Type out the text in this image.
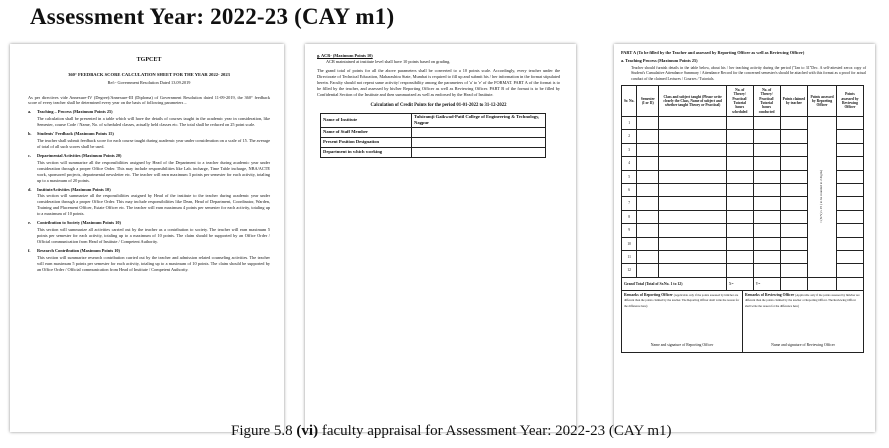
Assessment Year: 2022-23 (CAY m1)
TGPCET
360° FEEDBACK SCORE CALCULATION SHEET FOR THE YEAR 2022- 2023
Ref:- Government Resolution Dated 13.09.2019

As per directives vide Annexure-IV (Degree)/Annexure-III (Diploma) of Government Resolution dated 11-09-2019, the 360° feedback score of every teacher shall be determined every year on the basis of following parameters –

a. Teaching – Process (Maximum Points 25)

The calculation shall be presented in a table which will have the details of courses taught in the academic year in consideration, like Semester, course Code / Name, No. of scheduled classes, actually held classes etc. The total shall be reduced on 25 point scale.

b. Students' Feedback (Maximum Points 15)

The teacher shall submit feedback score for each course taught during academic year under consideration on a scale of 15. The average of total of all such scores shall be used.

c. Departmental Activities (Maximum Points 20)

This section will summarize all the responsibilities assigned by Head of the Department to a teacher during academic year under consideration through a proper Office Order. This may include responsibilities like Lab. incharge, Time Table incharge, NBA/ACTE work, sponsored projects, departmental newsletter etc. The teacher will earn maximum 3 points per semester for each activity, totaling up to a maximum of 20 points.

d. InstituteActivities (Maximum Points 10)

This section will summarize all the responsibilities assigned by Head of the institute to the teacher during academic year under consideration through a proper Office Order. This may include responsibilities like Dean, Head of Department, Coordinator, Warden, Training and Placement Officer, Estate Officer etc. The teacher will earn maximum 4 points per semester for each activity, totaling up to a maximum of 10 points.

e. Contribution to Society (Maximum Points 10)

This section will summarize all activities carried out by the teacher as a contribution to society. The teacher will earn maximum 5 points per semester for each activity, totaling up to a maximum of 10 points. The claim should be supported by an Office Order / Official communication from Head of Institute / Competent Authority.

f. Research Contribution (Maximum Points 10)

This section will summarize research contribution carried out by the teacher and admission related counseling activities. The teacher will earn maximum 5 points per semester for each activity, totaling up to a maximum of 10 points. The claim should be supported by an Office Order / Official communication from Head of Institute / Competent Authority.

g. ACR- (Maximum Points 10)
ACR maintained at institute level shall have 10 points based on grading.

The grand total of points for all the above parameters shall be converted to a 10 points scale. Accordingly, every teacher under the Directorate of Technical Education, Maharashtra State, Mumbai is required to fill up and submit his / her information in the format stipulated herein. Faculty should not repeat same activity/ responsibility among the parameters of 'a' to 'e' of the FORMAT. PART A of the format is to be filled by the teacher, and assessed by his/her Reporting Officer as well as Reviewing Officer. PART B of the format is to be filled by Confidential Section of the Institute and then summarized as well as endorsed by the Head of Institute.

Calculation of Credit Points for the period 01-01-2022 to 31-12-2022
Name of Institute	Tulsiramji Gaikwad-Patil College of Engineering & Technology, Nagpur
Name of Staff Member	
Present Position Designation	
Department in which working	
PART A (To be filled by the Teacher and assessed by Reporting Officer as well as Reviewing Officer)
a. Teaching Process (Maximum Points 25)

Teacher should furnish details in the table below, about his / her teaching activity during the period ("Jan to 31"Dec. A self-attested xerox copy of Student's Cumulative Attendance Summary / Attendance Record for the concerned semester/s should be attached with this format as a proof for actual conduct of the claimed Lectures / Courses / Tutorials.

Sr. No.	Semester (I or II)	Class and subject taught (Please write clearly the Class, Name of subject and whether taught Theory or Practical)	No. of Theory/ Practical/ Tutorial hours scheduled	No. of Theory/ Practical/ Tutorial hours conducted	Points claimed by teacher	Points assessed by Reporting Officer	Points assessed by Reviewing Officer
1						= (X/Y) x 25 ( to be rounded to 2 digits)	
2							
3							
4							
5							
6							
7							
8							
9							
10							
11							
12							
Grand Total (Total of Sr.No. 1 to 12)			X=	Y=			
Remarks of Reporting Officer (Applicable only if the points assessed by him/her are different than the points claimed by the teacher. The Reporting Officer shall write the reason for the difference here)
Name and signature of Reporting Officer
Remarks of Reviewing Officer (Applicable only if the points assessed by him/her are different than the points claimed by the teacher or Reporting Officer. The Reviewing Officer shall write the reason for the difference here)
Name and signature of Reviewing Officer
Figure 5.8 (vi) faculty appraisal for Assessment Year: 2022-23 (CAY m1)
